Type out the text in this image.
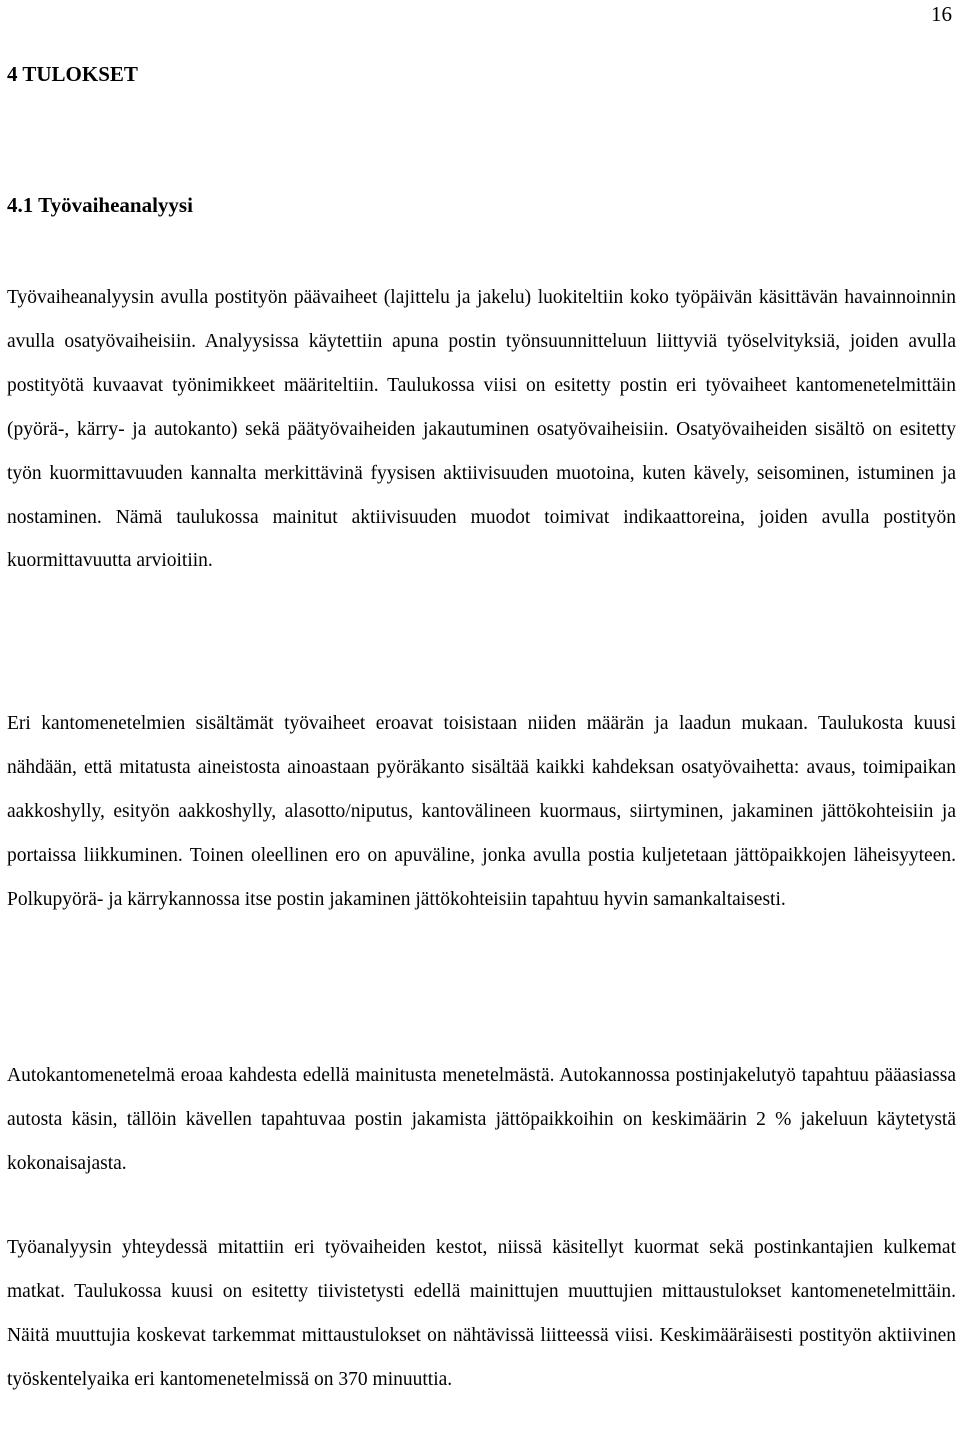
16
4 TULOKSET
4.1 Työvaiheanalyysi

Työvaiheanalyysin avulla postityön päävaiheet (lajittelu ja jakelu) luokiteltiin koko työpäivän käsittävän havainnoinnin avulla osatyövaiheisiin. Analyysissa käytettiin apuna postin työnsuunnitteluun liittyviä työselvityksiä, joiden avulla postityötä kuvaavat työnimikkeet määriteltiin. Taulukossa viisi on esitetty postin eri työvaiheet kantomenetelmittäin (pyörä-, kärry- ja autokanto) sekä päätyövaiheiden jakautuminen osatyövaiheisiin. Osatyövaiheiden sisältö on esitetty työn kuormittavuuden kannalta merkittävinä fyysisen aktiivisuuden muotoina, kuten kävely, seisominen, istuminen ja nostaminen. Nämä taulukossa mainitut aktiivisuuden muodot toimivat indikaattoreina, joiden avulla postityön kuormittavuutta arvioitiin.

Eri kantomenetelmien sisältämät työvaiheet eroavat toisistaan niiden määrän ja laadun mukaan. Taulukosta kuusi nähdään, että mitatusta aineistosta ainoastaan pyöräkanto sisältää kaikki kahdeksan osatyövaihetta: avaus, toimipaikan aakkoshylly, esityön aakkoshylly, alasotto/niputus, kantovälineen kuormaus, siirtyminen, jakaminen jättökohteisiin ja portaissa liikkuminen. Toinen oleellinen ero on apuväline, jonka avulla postia kuljetetaan jättöpaikkojen läheisyyteen. Polkupyörä- ja kärrykannossa itse postin jakaminen jättökohteisiin tapahtuu hyvin samankaltaisesti.

Autokantomenetelmä eroaa kahdesta edellä mainitusta menetelmästä. Autokannossa postinjakelutyö tapahtuu pääasiassa autosta käsin, tällöin kävellen tapahtuvaa postin jakamista jättöpaikkoihin on keskimäärin 2 % jakeluun käytetystä kokonaisajasta.

Työanalyysin yhteydessä mitattiin eri työvaiheiden kestot, niissä käsitellyt kuormat sekä postinkantajien kulkemat matkat. Taulukossa kuusi on esitetty tiivistetysti edellä mainittujen muuttujien mittaustulokset kantomenetelmittäin. Näitä muuttujia koskevat tarkemmat mittaustulokset on nähtävissä liitteessä viisi. Keskimääräisesti postityön aktiivinen työskentelyaika eri kantomenetelmissä on 370 minuuttia.
